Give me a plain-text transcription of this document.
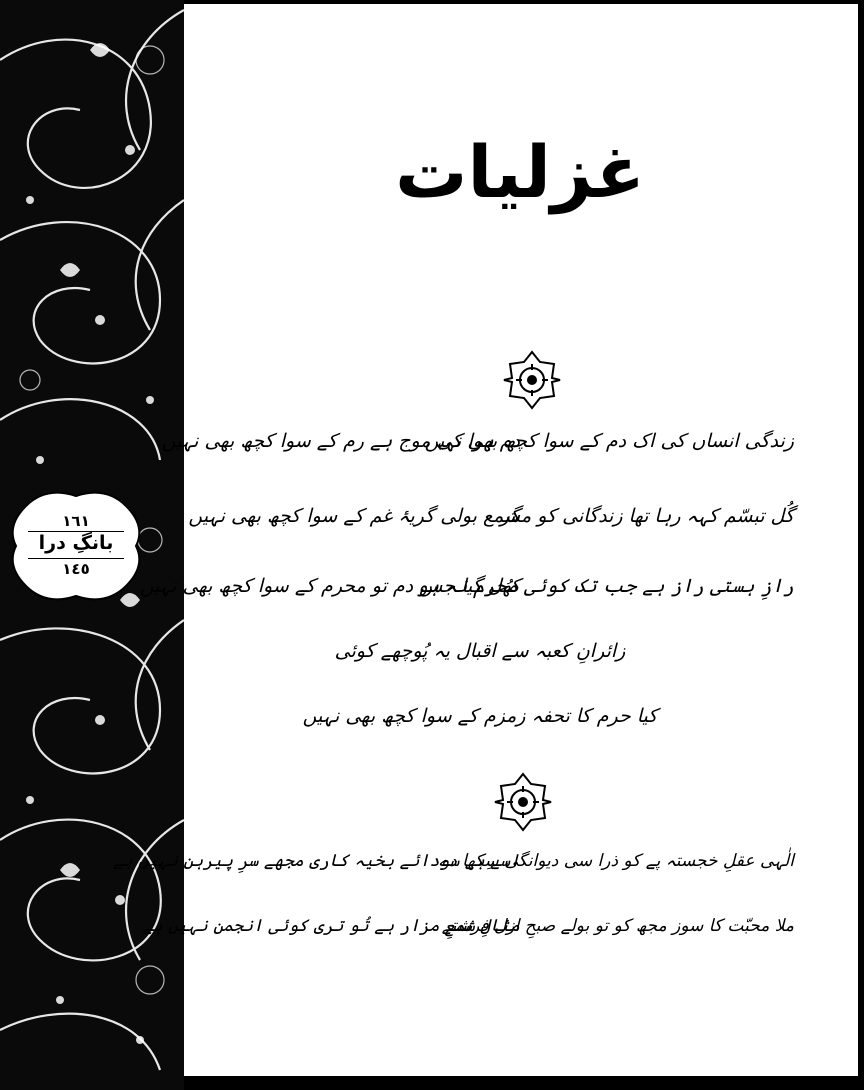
١٦١
بانگِ درا
١٤٥
غزلیات
زندگی انساں کی اک دم کے سوا کچھ بھی نہیں
دم ہوا کی موج ہے رم کے سوا کچھ بھی نہیں
گُل تبسّم کہہ رہا تھا زندگانی کو مگر
شمع بولی گریۂ غم کے سوا کچھ بھی نہیں
رازِ ہستی راز ہے جب تک کوئی محرم نہ ہو
کھُل گیا جس دم تو محرم کے سوا کچھ بھی نہیں
زائرانِ کعبہ سے اقبال یہ پُوچھے کوئی
کیا حرم کا تحفہ زمزم کے سوا کچھ بھی نہیں
الٰہی عقلِ خجستہ پے کو ذرا سی دیوانگی سِکھا دے
اسے ہے سودائے بخیہ کاری مجھے سرِ پیرہن نہیں ہے
ملا محبّت کا سوز مجھ کو تو بولے صبحِ ازل فرشتے
مثالِ شمعِ مزار ہے تُو تری کوئی انجمن نہیں ہے
